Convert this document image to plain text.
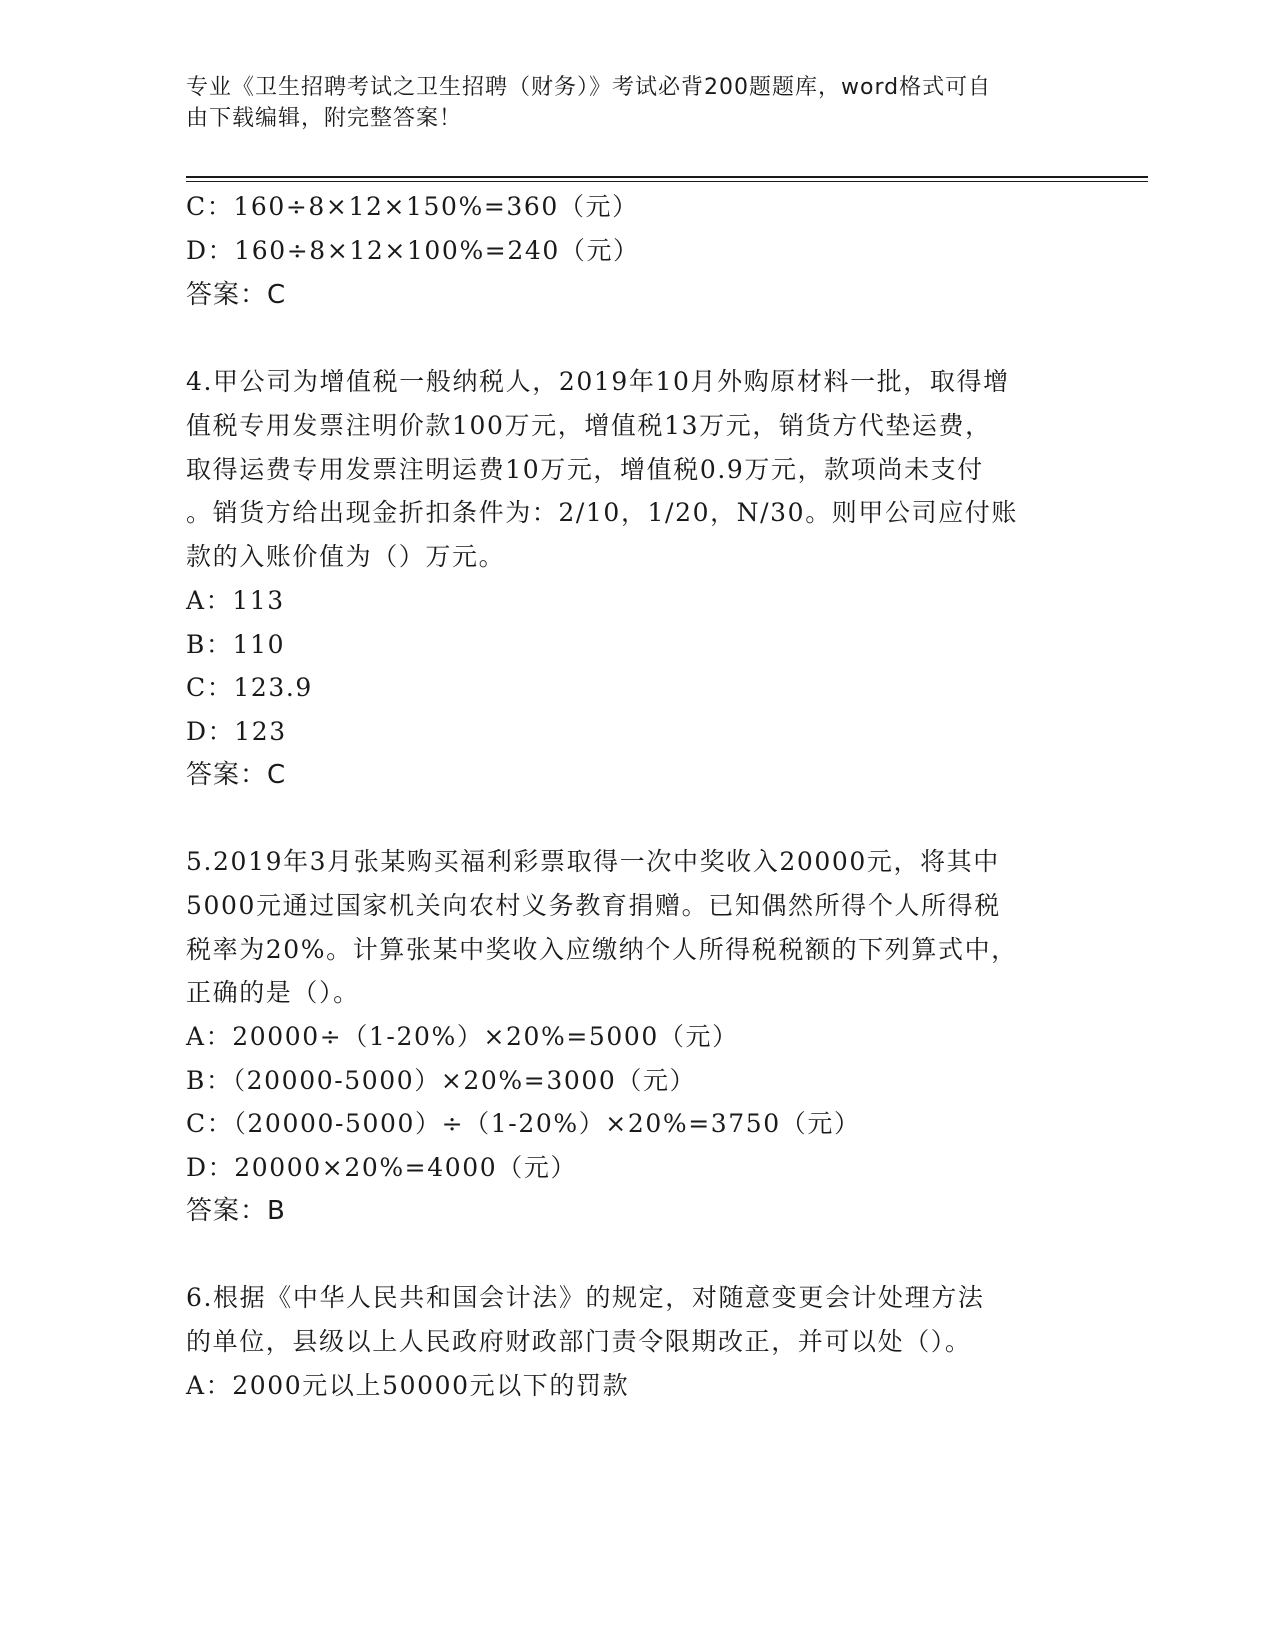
专业《卫生招聘考试之卫生招聘（财务）》考试必背200题题库，word格式可自
由下载编辑，附完整答案！
C：160÷8×12×150%=360（元）
D：160÷8×12×100%=240（元）
答案：C
4.甲公司为增值税一般纳税人，2019年10月外购原材料一批，取得增
值税专用发票注明价款100万元，增值税13万元，销货方代垫运费，
取得运费专用发票注明运费10万元，增值税0.9万元，款项尚未支付
。销货方给出现金折扣条件为：2/10，1/20，N/30。则甲公司应付账
款的入账价值为（）万元。
A：113
B：110
C：123.9
D：123
答案：C
5.2019年3月张某购买福利彩票取得一次中奖收入20000元，将其中
5000元通过国家机关向农村义务教育捐赠。已知偶然所得个人所得税
税率为20%。计算张某中奖收入应缴纳个人所得税税额的下列算式中，
正确的是（）。
A：20000÷（1-20%）×20%=5000（元）
B：（20000-5000）×20%=3000（元）
C：（20000-5000）÷（1-20%）×20%=3750（元）
D：20000×20%=4000（元）
答案：B
6.根据《中华人民共和国会计法》的规定，对随意变更会计处理方法
的单位，县级以上人民政府财政部门责令限期改正，并可以处（）。
A：2000元以上50000元以下的罚款
